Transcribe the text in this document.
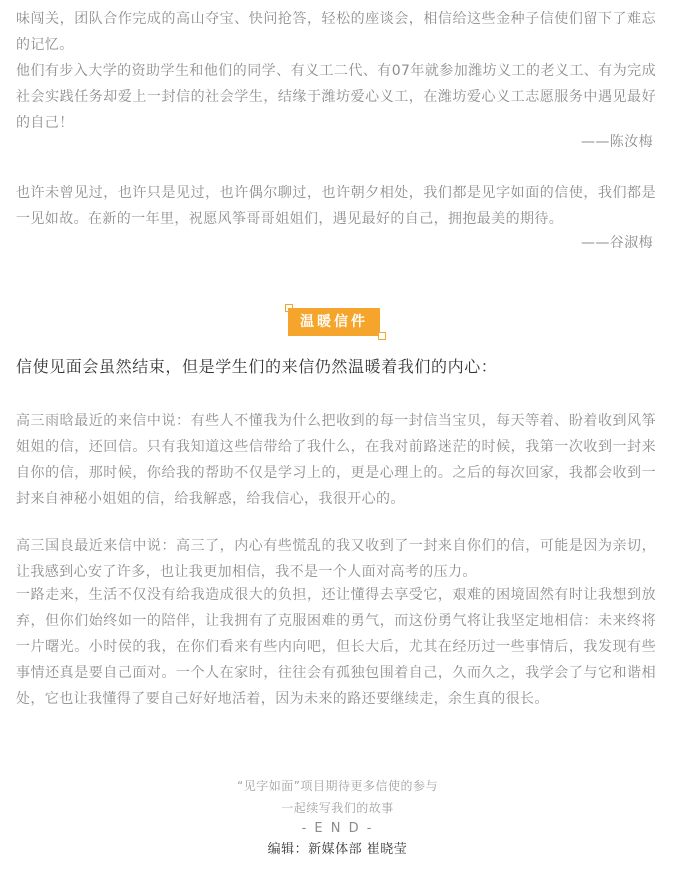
味闯关，团队合作完成的高山夺宝、快问抢答，轻松的座谈会，相信给这些金种子信使们留下了难忘的记忆。

他们有步入大学的资助学生和他们的同学、有义工二代、有07年就参加潍坊义工的老义工、有为完成社会实践任务却爱上一封信的社会学生，结缘于潍坊爱心义工，在潍坊爱心义工志愿服务中遇见最好的自己！

——陈汝梅

也许未曾见过，也许只是见过，也许偶尔聊过，也许朝夕相处，我们都是见字如面的信使，我们都是一见如故。在新的一年里，祝愿风筝哥哥姐姐们，遇见最好的自己，拥抱最美的期待。

——谷淑梅
温暖信件

信使见面会虽然结束，但是学生们的来信仍然温暖着我们的内心：

高三雨晗最近的来信中说：有些人不懂我为什么把收到的每一封信当宝贝，每天等着、盼着收到风筝姐姐的信，还回信。只有我知道这些信带给了我什么，在我对前路迷茫的时候，我第一次收到一封来自你的信，那时候，你给我的帮助不仅是学习上的，更是心理上的。之后的每次回家，我都会收到一封来自神秘小姐姐的信，给我解惑，给我信心，我很开心的。

高三国良最近来信中说：高三了，内心有些慌乱的我又收到了一封来自你们的信，可能是因为亲切，让我感到心安了许多，也让我更加相信，我不是一个人面对高考的压力。

一路走来，生活不仅没有给我造成很大的负担，还让懂得去享受它，艰难的困境固然有时让我想到放弃，但你们始终如一的陪伴，让我拥有了克服困难的勇气，而这份勇气将让我坚定地相信：未来终将一片曙光。小时侯的我，在你们看来有些内向吧，但长大后，尤其在经历过一些事情后，我发现有些事情还真是要自己面对。一个人在家时，往往会有孤独包围着自己，久而久之，我学会了与它和谐相处，它也让我懂得了要自己好好地活着，因为未来的路还要继续走，余生真的很长。

“见字如面”项目期待更多信使的参与
一起续写我们的故事
- E N D -
编辑：新媒体部 崔晓莹
